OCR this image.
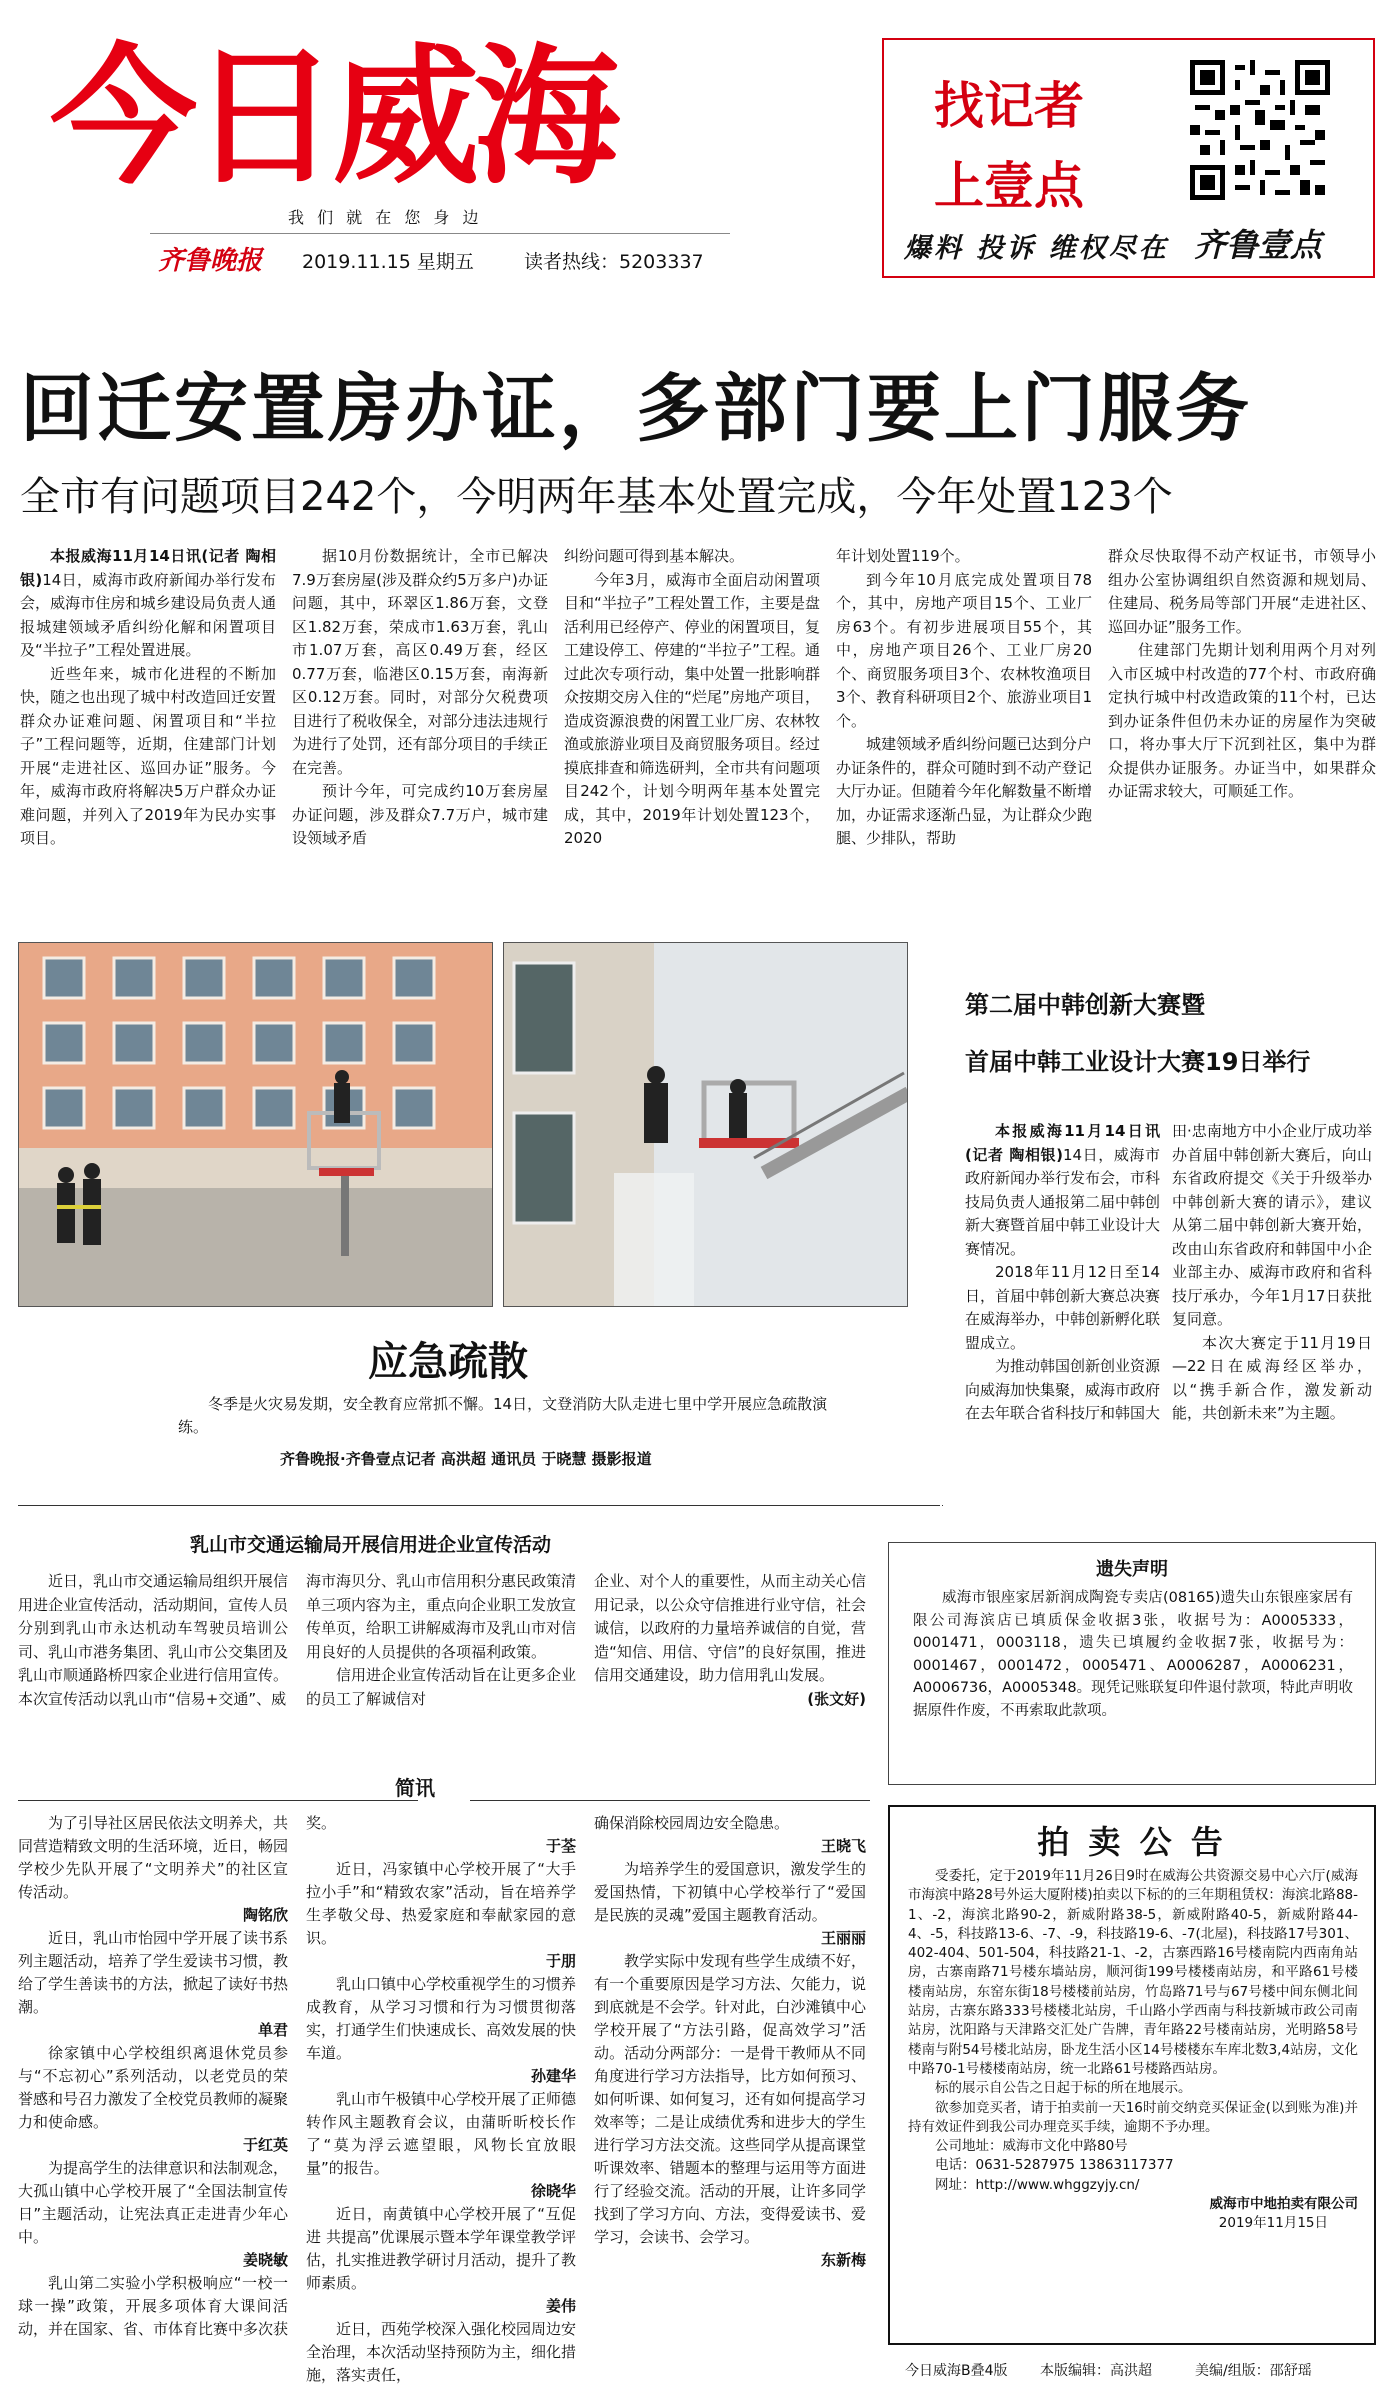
今日威海
我 们 就 在 您 身 边
齐鲁晚报 2019.11.15 星期五	读者热线：5203337
找记者
上壹点
爆料 投诉 维权尽在 齐鲁壹点
回迁安置房办证，多部门要上门服务
全市有问题项目242个，今明两年基本处置完成，今年处置123个

本报威海11月14日讯(记者 陶相银)14日，威海市政府新闻办举行发布会，威海市住房和城乡建设局负责人通报城建领域矛盾纠纷化解和闲置项目及“半拉子”工程处置进展。

近些年来，城市化进程的不断加快，随之也出现了城中村改造回迁安置群众办证难问题、闲置项目和“半拉子”工程问题等，近期，住建部门计划开展“走进社区、巡回办证”服务。今年，威海市政府将解决5万户群众办证难问题，并列入了2019年为民办实事项目。

据10月份数据统计，全市已解决7.9万套房屋(涉及群众约5万多户)办证问题，其中，环翠区1.86万套，文登区1.82万套，荣成市1.63万套，乳山市1.07万套，高区0.49万套，经区0.77万套，临港区0.15万套，南海新区0.12万套。同时，对部分欠税费项目进行了税收保全，对部分违法违规行为进行了处罚，还有部分项目的手续正在完善。

预计今年，可完成约10万套房屋办证问题，涉及群众7.7万户，城市建设领域矛盾

纠纷问题可得到基本解决。

今年3月，威海市全面启动闲置项目和“半拉子”工程处置工作，主要是盘活利用已经停产、停业的闲置项目，复工建设停工、停建的“半拉子”工程。通过此次专项行动，集中处置一批影响群众按期交房入住的“烂尾”房地产项目，造成资源浪费的闲置工业厂房、农林牧渔或旅游业项目及商贸服务项目。经过摸底排查和筛选研判，全市共有问题项目242个，计划今明两年基本处置完成，其中，2019年计划处置123个，2020

年计划处置119个。

到今年10月底完成处置项目78个，其中，房地产项目15个、工业厂房63个。有初步进展项目55个，其中，房地产项目26个、工业厂房20个、商贸服务项目3个、农林牧渔项目3个、教育科研项目2个、旅游业项目1个。

城建领域矛盾纠纷问题已达到分户办证条件的，群众可随时到不动产登记大厅办证。但随着今年化解数量不断增加，办证需求逐渐凸显，为让群众少跑腿、少排队，帮助

群众尽快取得不动产权证书，市领导小组办公室协调组织自然资源和规划局、住建局、税务局等部门开展“走进社区、巡回办证”服务工作。

住建部门先期计划利用两个月对列入市区城中村改造的77个村、市政府确定执行城中村改造政策的11个村，已达到办证条件但仍未办证的房屋作为突破口，将办事大厅下沉到社区，集中为群众提供办证服务。办证当中，如果群众办证需求较大，可顺延工作。

第二届中韩创新大赛暨
首届中韩工业设计大赛19日举行

本报威海11月14日讯(记者 陶相银)14日，威海市政府新闻办举行发布会，市科技局负责人通报第二届中韩创新大赛暨首届中韩工业设计大赛情况。

2018年11月12日至14日，首届中韩创新大赛总决赛在威海举办，中韩创新孵化联盟成立。

为推动韩国创新创业资源向威海加快集聚，威海市政府在去年联合省科技厅和韩国大

田·忠南地方中小企业厅成功举办首届中韩创新大赛后，向山东省政府提交《关于升级举办中韩创新大赛的请示》，建议从第二届中韩创新大赛开始，改由山东省政府和韩国中小企业部主办、威海市政府和省科技厅承办，今年1月17日获批复同意。

本次大赛定于11月19日—22日在威海经区举办，以“携手新合作，激发新动能，共创新未来”为主题。

应急疏散
冬季是火灾易发期，安全教育应常抓不懈。14日，文登消防大队走进七里中学开展应急疏散演练。
齐鲁晚报·齐鲁壹点记者 高洪超 通讯员 于晓慧 摄影报道
乳山市交通运输局开展信用进企业宣传活动

近日，乳山市交通运输局组织开展信用进企业宣传活动，活动期间，宣传人员分别到乳山市永达机动车驾驶员培训公司、乳山市港务集团、乳山市公交集团及乳山市顺通路桥四家企业进行信用宣传。本次宣传活动以乳山市“信易+交通”、威

海市海贝分、乳山市信用积分惠民政策清单三项内容为主，重点向企业职工发放宣传单页，给职工讲解威海市及乳山市对信用良好的人员提供的各项福利政策。

信用进企业宣传活动旨在让更多企业的员工了解诚信对

企业、对个人的重要性，从而主动关心信用记录，以公众守信推进行业守信，社会诚信，以政府的力量培养诚信的自觉，营造“知信、用信、守信”的良好氛围，推进信用交通建设，助力信用乳山发展。

(张文好)

简讯

为了引导社区居民依法文明养犬，共同营造精致文明的生活环境，近日，畅园学校少先队开展了“文明养犬”的社区宣传活动。

陶铭欣

近日，乳山市怡园中学开展了读书系列主题活动，培养了学生爱读书习惯，教给了学生善读书的方法，掀起了读好书热潮。

单君

徐家镇中心学校组织离退休党员参与“不忘初心”系列活动，以老党员的荣誉感和号召力激发了全校党员教师的凝聚力和使命感。

于红英

为提高学生的法律意识和法制观念，大孤山镇中心学校开展了“全国法制宣传日”主题活动，让宪法真正走进青少年心中。

姜晓敏

乳山第二实验小学积极响应“一校一球一操”政策，开展多项体育大课间活动，并在国家、省、市体育比赛中多次获

奖。

于荃

近日，冯家镇中心学校开展了“大手拉小手”和“精致农家”活动，旨在培养学生孝敬父母、热爱家庭和奉献家园的意识。

于朋

乳山口镇中心学校重视学生的习惯养成教育，从学习习惯和行为习惯贯彻落实，打通学生们快速成长、高效发展的快车道。

孙建华

乳山市午极镇中心学校开展了正师德转作风主题教育会议，由蒲昕昕校长作了“莫为浮云遮望眼，风物长宜放眼量”的报告。

徐晓华

近日，南黄镇中心学校开展了“互促进 共提高”优课展示暨本学年课堂教学评估，扎实推进教学研讨月活动，提升了教师素质。

姜伟

近日，西苑学校深入强化校园周边安全治理，本次活动坚持预防为主，细化措施，落实责任，

确保消除校园周边安全隐患。

王晓飞

为培养学生的爱国意识，激发学生的爱国热情，下初镇中心学校举行了“爱国是民族的灵魂”爱国主题教育活动。

王丽丽

教学实际中发现有些学生成绩不好，有一个重要原因是学习方法、欠能力，说到底就是不会学。针对此，白沙滩镇中心学校开展了“方法引路，促高效学习”活动。活动分两部分：一是骨干教师从不同角度进行学习方法指导，比方如何预习、如何听课、如何复习，还有如何提高学习效率等；二是让成绩优秀和进步大的学生进行学习方法交流。这些同学从提高课堂听课效率、错题本的整理与运用等方面进行了经验交流。活动的开展，让许多同学找到了学习方向、方法，变得爱读书、爱学习，会读书、会学习。

东新梅

遗失声明
威海市银座家居新润成陶瓷专卖店(08165)遗失山东银座家居有限公司海滨店已填质保金收据3张，收据号为：A0005333，0001471，0003118，遗失已填履约金收据7张，收据号为：0001467，0001472，0005471、A0006287，A0006231，A0006736，A0005348。现凭记账联复印件退付款项，特此声明收据原件作废，不再索取此款项。
拍 卖 公 告

受委托，定于2019年11月26日9时在威海公共资源交易中心六厅(威海市海滨中路28号外运大厦附楼)拍卖以下标的的三年期租赁权：海滨北路88-1、-2，海滨北路90-2，新威附路38-5，新威附路40-5，新威附路44-4、-5，科技路13-6、-7、-9，科技路19-6、-7(北屋)，科技路17号301、402-404、501-504，科技路21-1、-2，古寨西路16号楼南院内西南角站房，古寨南路71号楼东墙站房，顺河街199号楼楼南站房，和平路61号楼楼南站房，东窑东街18号楼楼前站房，竹岛路71号与67号楼中间东侧北间站房，古寨东路333号楼楼北站房，千山路小学西南与科技新城市政公司南站房，沈阳路与天津路交汇处广告牌，青年路22号楼南站房，光明路58号楼南与附54号楼北站房，卧龙生活小区14号楼楼东车库北数3,4站房，文化中路70-1号楼楼南站房，统一北路61号楼路西站房。

标的展示自公告之日起于标的所在地展示。

欲参加竞买者，请于拍卖前一天16时前交纳竞买保证金(以到账为准)并持有效证件到我公司办理竞买手续，逾期不予办理。

公司地址：威海市文化中路80号

电话：0631-5287975 13863117377

网址：http://www.whggzyjy.cn/

威海市中地拍卖有限公司

2019年11月15日

今日威海B叠4版 本版编辑：高洪超	美编/组版：邵舒瑶
